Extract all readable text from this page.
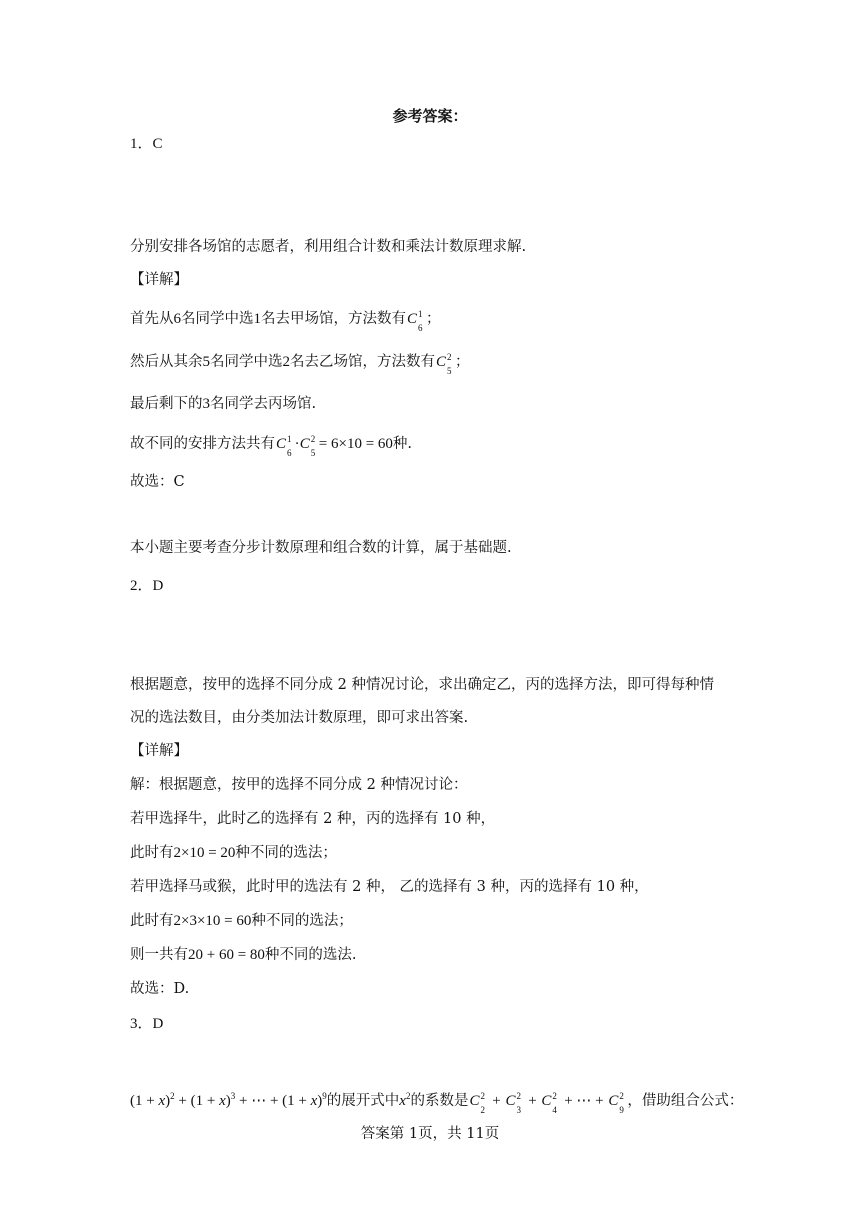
参考答案：
1．C
分别安排各场馆的志愿者，利用组合计数和乘法计数原理求解.
【详解】
首先从6名同学中选1名去甲场馆，方法数有C 1
6
；
然后从其余5名同学中选2名去乙场馆，方法数有C 2
5
；
最后剩下的3名同学去丙场馆.
故不同的安排方法共有C 1
6
·C 2
5
= 6×10 = 60种.
故选：C
本小题主要考查分步计数原理和组合数的计算，属于基础题.
2．D
根据题意，按甲的选择不同分成 2 种情况讨论，求出确定乙，丙的选择方法，即可得每种情
况的选法数目，由分类加法计数原理，即可求出答案.
【详解】
解：根据题意，按甲的选择不同分成 2 种情况讨论：
若甲选择牛，此时乙的选择有 2 种，丙的选择有 10 种，
此时有2×10 = 20种不同的选法；
若甲选择马或猴，此时甲的选法有 2 种， 乙的选择有 3 种，丙的选择有 10 种，
此时有2×3×10 = 60种不同的选法；
则一共有20 + 60 = 80种不同的选法.
故选：D.
3．D
$(1 + x)^2 + (1 + x)^3$ + ⋯ + $(1 + x)^9$的展开式中$x^2$的系数是C 2
2
+ C 2
3
+ C 2
4
+ ⋯ + C 2
9
，借助组合公式：
答案第 1页，共 11页
